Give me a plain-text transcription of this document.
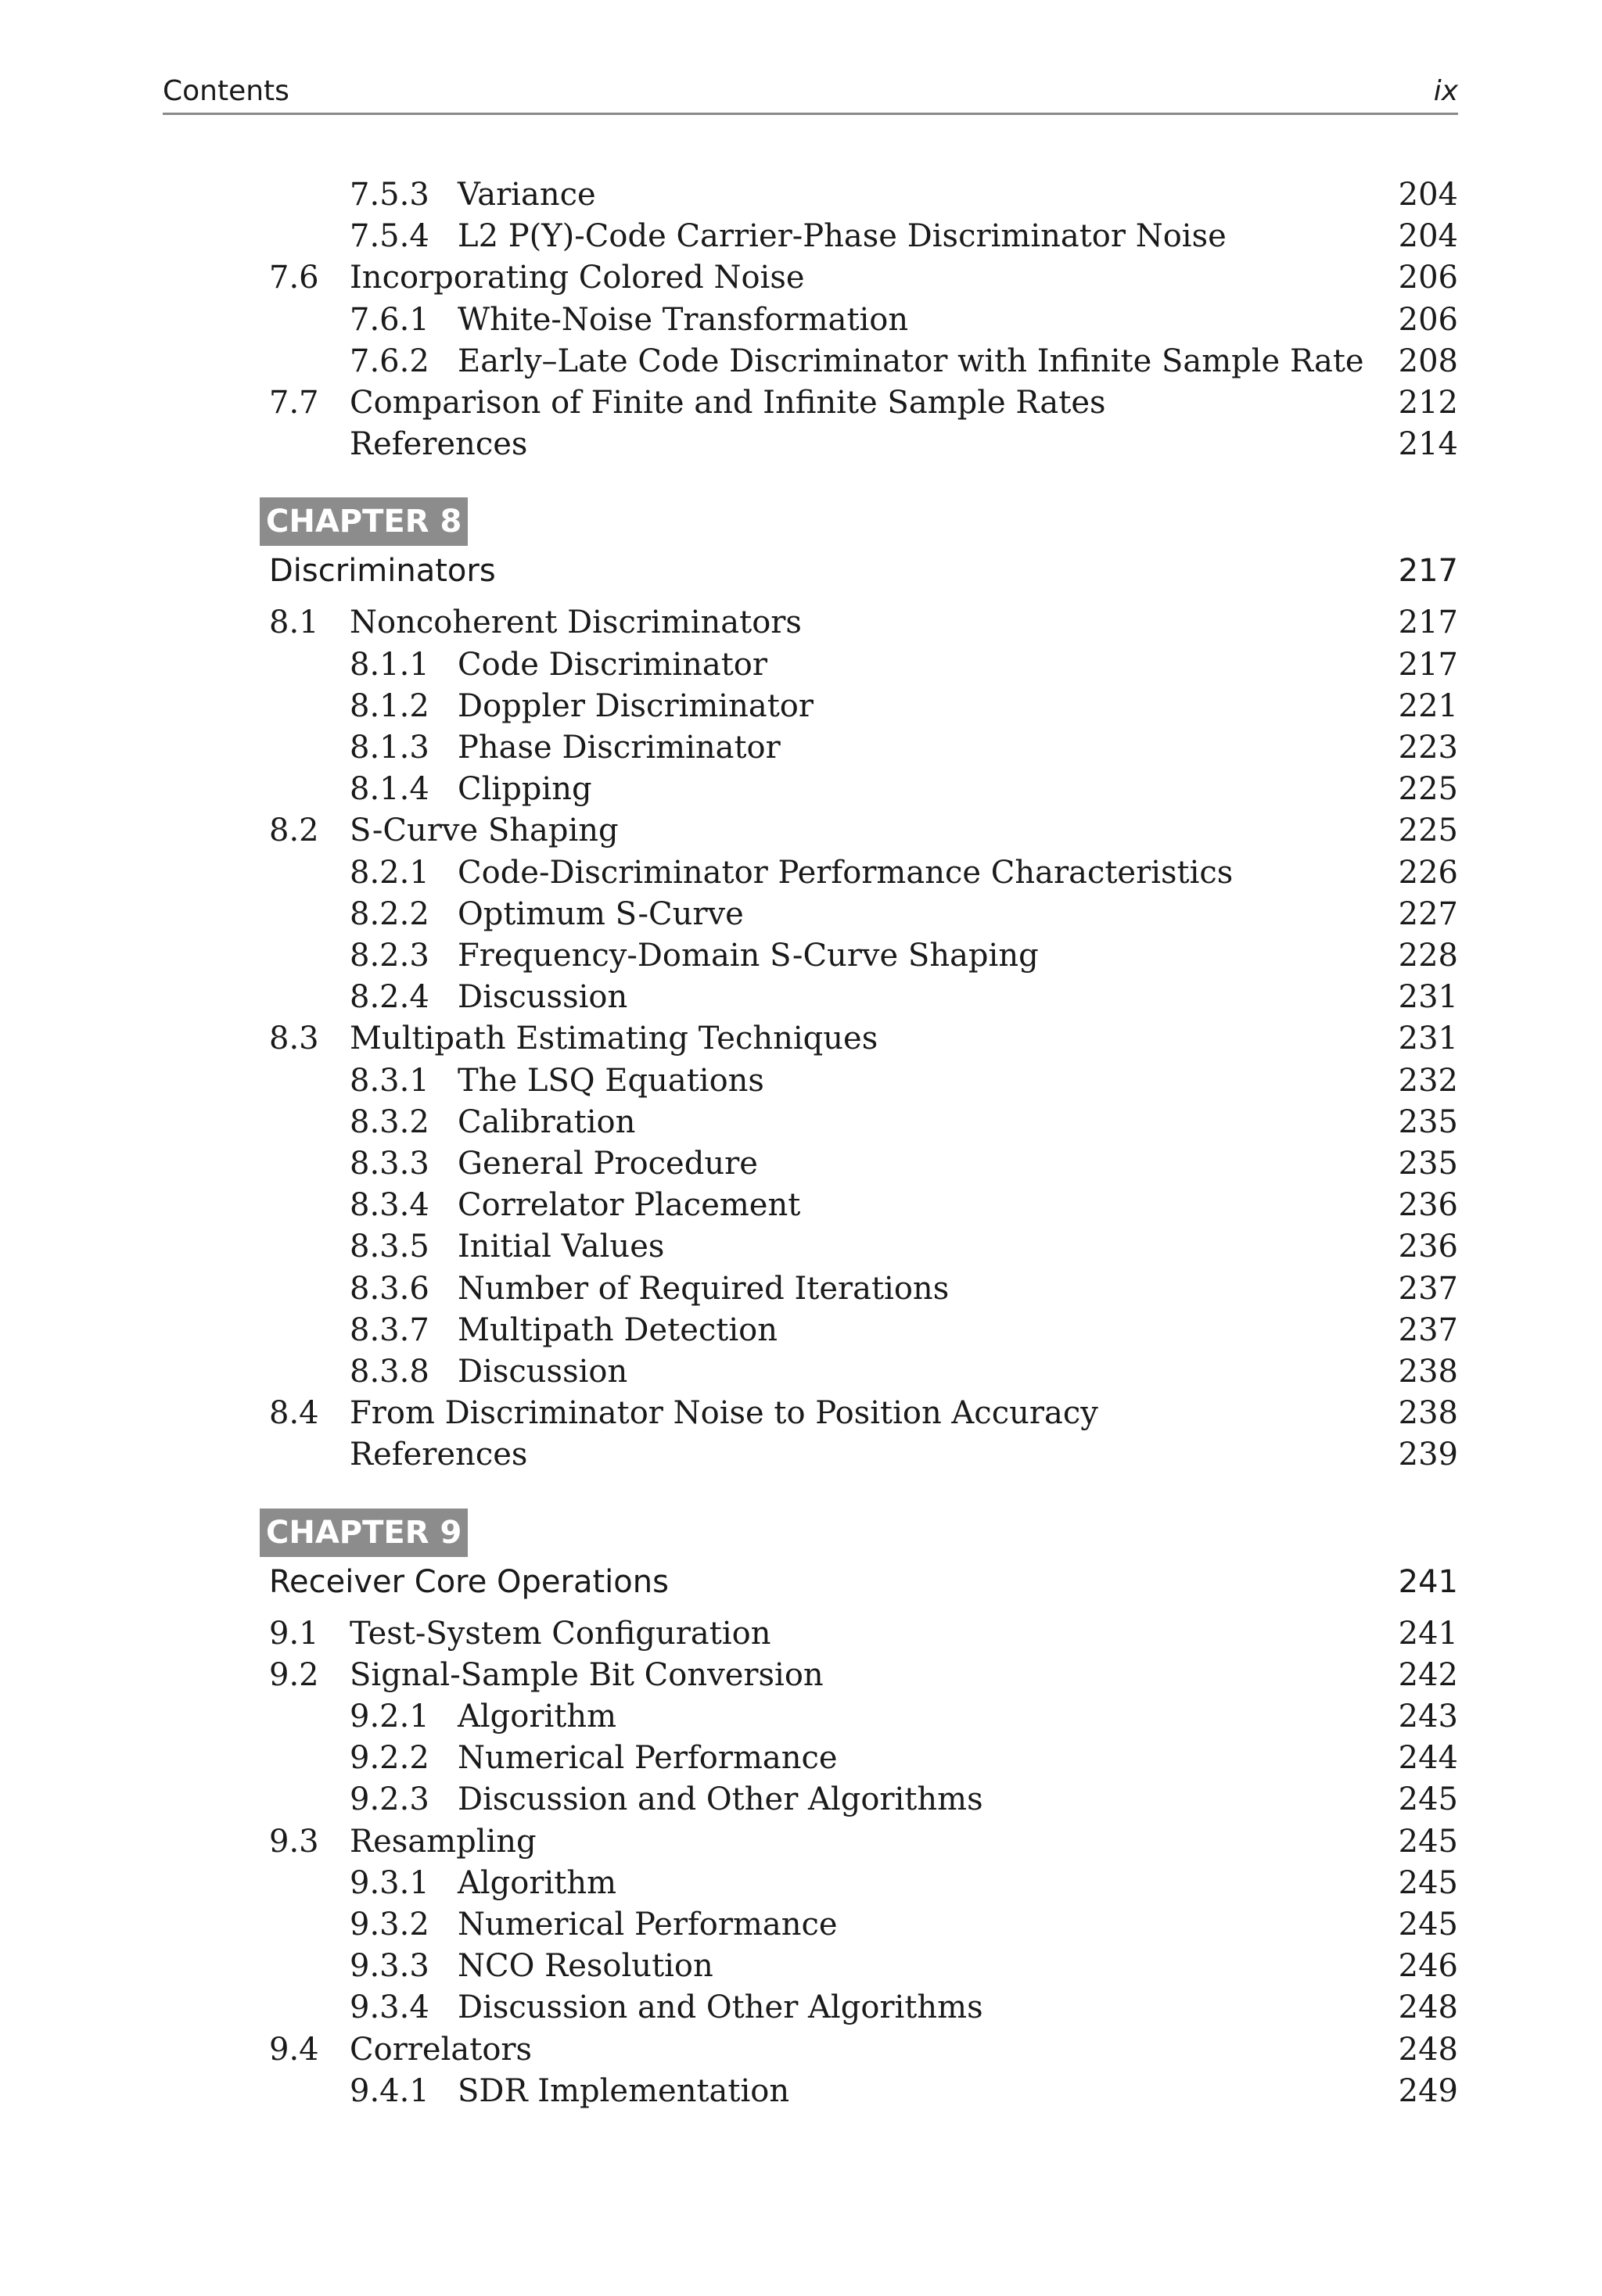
Contents	ix
7.5.3 Variance	204
7.5.4 L2 P(Y)-Code Carrier-Phase Discriminator Noise	204
7.6 Incorporating Colored Noise	206
7.6.1 White-Noise Transformation	206
7.6.2 Early–Late Code Discriminator with Infinite Sample Rate 208
7.7 Comparison of Finite and Infinite Sample Rates	212
References	214
CHAPTER 8
Discriminators	217
8.1 Noncoherent Discriminators	217
8.1.1 Code Discriminator	217
8.1.2 Doppler Discriminator	221
8.1.3 Phase Discriminator	223
8.1.4 Clipping	225
8.2 S-Curve Shaping	225
8.2.1 Code-Discriminator Performance Characteristics	226
8.2.2 Optimum S-Curve	227
8.2.3 Frequency-Domain S-Curve Shaping	228
8.2.4 Discussion	231
8.3 Multipath Estimating Techniques	231
8.3.1 The LSQ Equations	232
8.3.2 Calibration	235
8.3.3 General Procedure	235
8.3.4 Correlator Placement	236
8.3.5 Initial Values	236
8.3.6 Number of Required Iterations	237
8.3.7 Multipath Detection	237
8.3.8 Discussion	238
8.4 From Discriminator Noise to Position Accuracy	238
References	239
CHAPTER 9
Receiver Core Operations	241
9.1 Test-System Configuration	241
9.2 Signal-Sample Bit Conversion	242
9.2.1 Algorithm	243
9.2.2 Numerical Performance	244
9.2.3 Discussion and Other Algorithms	245
9.3 Resampling	245
9.3.1 Algorithm	245
9.3.2 Numerical Performance	245
9.3.3 NCO Resolution	246
9.3.4 Discussion and Other Algorithms	248
9.4 Correlators	248
9.4.1 SDR Implementation	249
